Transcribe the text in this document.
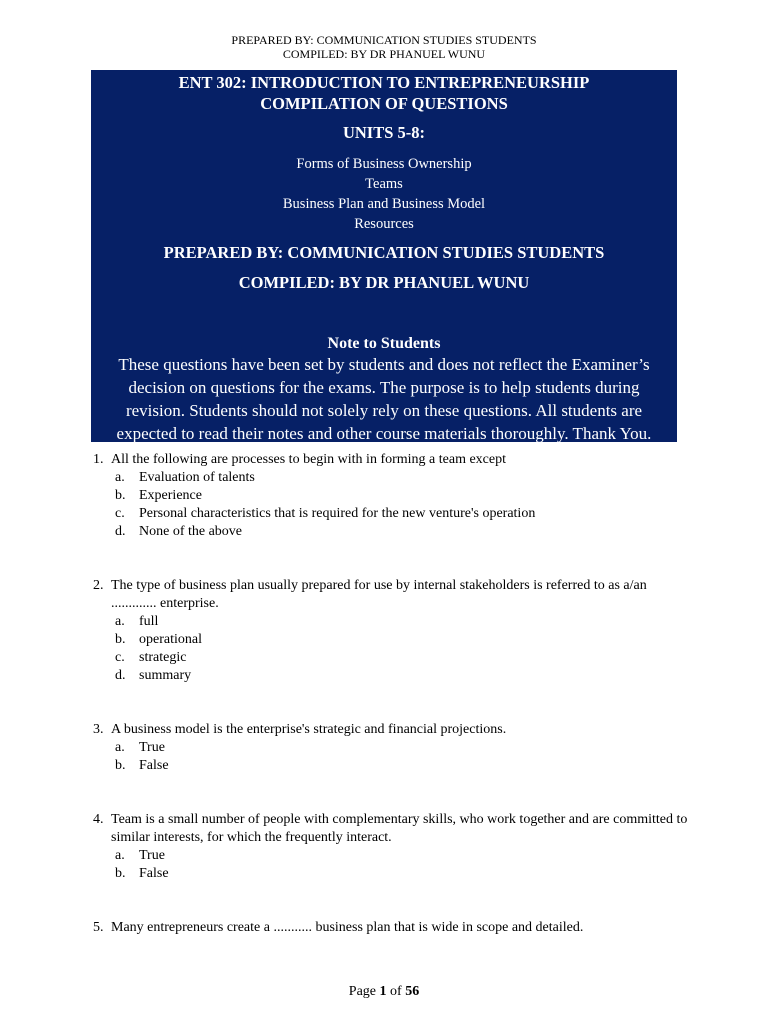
PREPARED BY: COMMUNICATION STUDIES STUDENTS
COMPILED: BY DR PHANUEL WUNU
ENT 302: INTRODUCTION TO ENTREPRENEURSHIP
COMPILATION OF QUESTIONS
UNITS 5-8:
Forms of Business Ownership
Teams
Business Plan and Business Model
Resources
PREPARED BY: COMMUNICATION STUDIES STUDENTS
COMPILED: BY DR PHANUEL WUNU
Note to Students
These questions have been set by students and does not reflect the Examiner’s
decision on questions for the exams. The purpose is to help students during
revision. Students should not solely rely on these questions. All students are
expected to read their notes and other course materials thoroughly. Thank You.
1. All the following are processes to begin with in forming a team except
a. Evaluation of talents
b. Experience
c. Personal characteristics that is required for the new venture's operation
d. None of the above
2. The type of business plan usually prepared for use by internal stakeholders is referred to as a/an ............. enterprise.
a. full
b. operational
c. strategic
d. summary
3. A business model is the enterprise's strategic and financial projections.
a. True
b. False
4. Team is a small number of people with complementary skills, who work together and are committed to similar interests, for which the frequently interact.
a. True
b. False
5. Many entrepreneurs create a ........... business plan that is wide in scope and detailed.
Page 1 of 56
